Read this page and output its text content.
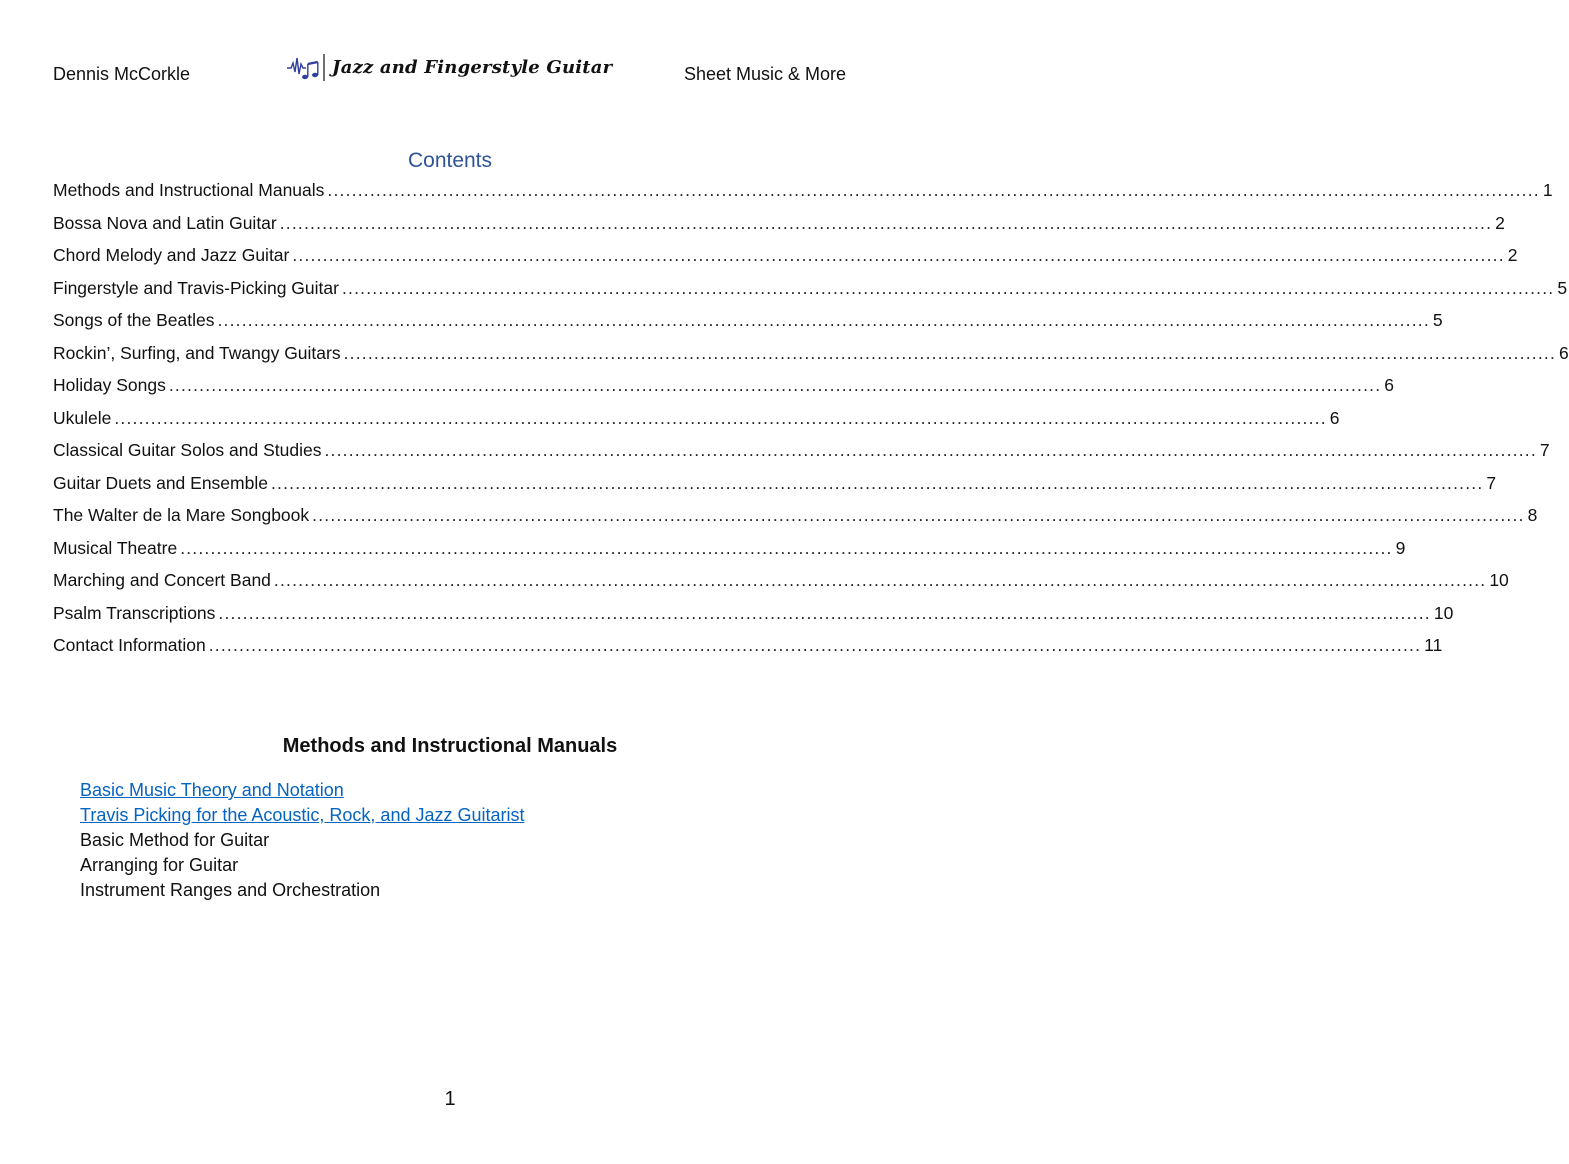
Dennis McCorkle	Jazz and Fingerstyle Guitar	Sheet Music & More
Contents
Methods and Instructional Manuals ........................................................................................................................................................................................................ 1
Bossa Nova and Latin Guitar ........................................................................................................................................................................................................ 2
Chord Melody and Jazz Guitar ........................................................................................................................................................................................................ 2
Fingerstyle and Travis-Picking Guitar ........................................................................................................................................................................................................ 5
Songs of the Beatles ........................................................................................................................................................................................................ 5
Rockin’, Surfing, and Twangy Guitars ........................................................................................................................................................................................................ 6
Holiday Songs ........................................................................................................................................................................................................ 6
Ukulele ........................................................................................................................................................................................................ 6
Classical Guitar Solos and Studies ........................................................................................................................................................................................................ 7
Guitar Duets and Ensemble ........................................................................................................................................................................................................ 7
The Walter de la Mare Songbook ........................................................................................................................................................................................................ 8
Musical Theatre ........................................................................................................................................................................................................ 9
Marching and Concert Band ........................................................................................................................................................................................................ 10
Psalm Transcriptions ........................................................................................................................................................................................................ 10
Contact Information ........................................................................................................................................................................................................ 11
Methods and Instructional Manuals
Basic Music Theory and Notation
Travis Picking for the Acoustic, Rock, and Jazz Guitarist
Basic Method for Guitar
Arranging for Guitar
Instrument Ranges and Orchestration
1
